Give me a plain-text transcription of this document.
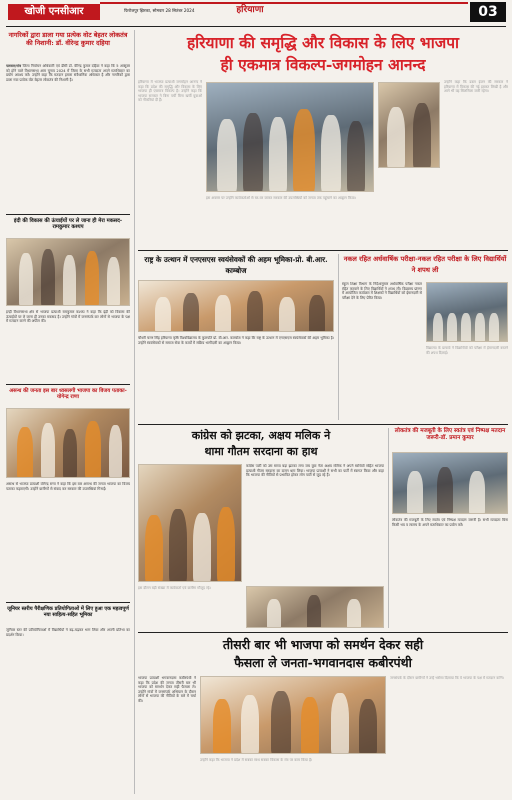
खोजी एनसीआर	फिरोजपुर झिरका, सोमवार 28 सितंबर 2024	हरियाणा	03
नागरिकों द्वारा डाला गया प्रत्येक वोट बेहतर लोकतंत्र की निशानी: डॉ. वीरेन्द्र कुमार दहिया
पलवल/गांव जिला निर्वाचन अधिकारी एवं डीसी डॉ. वीरेन्द्र कुमार दहिया ने कहा कि 5 अक्टूबर को होने वाले विधानसभा आम चुनाव 2024 में जिला के सभी मतदाता अपने मताधिकार का प्रयोग अवश्य करें। उन्होंने कहा कि मतदान हमारा संवैधानिक अधिकार है और नागरिकों द्वारा डाला गया प्रत्येक वोट बेहतर लोकतंत्र की निशानी है।
इंदी की विकास की ऊंचाईयों पर ले जाना ही मेरा मकसद-रामकुमार कश्यप
इन्द्री विधानसभा क्षेत्र से भाजपा प्रत्याशी रामकुमार कश्यप ने कहा कि इंद्री को विकास की ऊंचाईयों पर ले जाना ही उनका मकसद है। उन्होंने गांवों में जनसंपर्क कर लोगों से भाजपा के पक्ष में मतदान करने की अपील की।
असन्ध की जनता इस बार ध्वसलगी भाजपा का विजय पताका-योगेन्द्र राणा
असन्ध से भाजपा प्रत्याशी योगेन्द्र राणा ने कहा कि इस बार असन्ध की जनता भाजपा का विजय पताका फहराएगी। उन्होंने ग्रामीणों से संवाद कर सरकार की उपलब्धियां गिनाईं।
जूनियर स्तरीय पैरीक्षणिक प्रतियोगिताओं में लिए हुआ एक महत्वपूर्ण नया साहित्य-सहित भूमिका
जूनियर स्तर की प्रतियोगिताओं में विद्यार्थियों ने बढ़-चढ़कर भाग लिया और अपनी प्रतिभा का प्रदर्शन किया।
हरियाणा की समृद्धि और विकास के लिए भाजपा
ही एकमात्र विकल्प-जगमोहन आनन्द
हरियाणा में भाजपा प्रत्याशी जगमोहन आनन्द ने कहा कि प्रदेश की समृद्धि और विकास के लिए भाजपा ही एकमात्र विकल्प है। उन्होंने कहा कि भाजपा सरकार ने बिना पर्ची बिना खर्ची युवाओं को नौकरियां दी हैं।
इस अवसर पर उन्होंने कार्यकर्ताओं से घर-घर जाकर सरकार की उपलब्धियों को जनता तक पहुंचाने का आह्वान किया।
उन्होंने कहा कि डबल इंजन की सरकार ने हरियाणा में विकास की नई इबारत लिखी है और आगे भी यह सिलसिला जारी रहेगा।
राष्ट्र के उत्थान में एनएसएस स्वयंसेवकों की अहम भूमिका-प्रो. बी.आर. काम्बोज
चौधरी चरण सिंह हरियाणा कृषि विश्वविद्यालय के कुलपति प्रो. बी.आर. काम्बोज ने कहा कि राष्ट्र के उत्थान में एनएसएस स्वयंसेवकों की अहम भूमिका है। उन्होंने स्वयंसेवकों से समाज सेवा के कार्यों में सक्रिय भागीदारी का आह्वान किया।
नकल रहित अर्धवार्षिक परीक्षा-नकल रहित परीक्षा के लिए विद्यार्थियों ने शपथ ली
स्कूल शिक्षा विभाग के निर्देशानुसार अर्धवार्षिक परीक्षा नकल रहित करवाने के लिए विद्यार्थियों ने शपथ ली। विद्यालय प्रांगण में आयोजित कार्यक्रम में शिक्षकों ने विद्यार्थियों को ईमानदारी से परीक्षा देने के लिए प्रेरित किया।
विद्यालय के प्राचार्य ने विद्यार्थियों को परीक्षा में ईमानदारी बरतने की शपथ दिलाई।
कांग्रेस को झटका, अक्षय मलिक ने
थामा गौतम सरदाना का हाथ
कांग्रेस पार्टी को उस समय बड़ा झटका लगा जब युवा नेता अक्षय मलिक ने अपने साथियों सहित भाजपा प्रत्याशी गौतम सरदाना का दामन थाम लिया। भाजपा प्रत्याशी ने सभी का पार्टी में स्वागत किया और कहा कि भाजपा की नीतियों से प्रभावित होकर लोग पार्टी से जुड़ रहे हैं।
इस दौरान बड़ी संख्या में कार्यकर्ता एवं ग्रामीण मौजूद रहे।
लोकतंत्र की मजबूती के लिए स्वतंत्र एवं निष्पक्ष मतदान जरूरी-डॉ. प्रमान कुमार
लोकतंत्र की मजबूती के लिए स्वतंत्र एवं निष्पक्ष मतदान जरूरी है। सभी मतदाता बिना किसी भय व लालच के अपने मताधिकार का प्रयोग करें।
तीसरी बार भी भाजपा को समर्थन देकर सही
फैसला ले जनता-भगवानदास कबीरपंथी
भाजपा प्रत्याशी भगवानदास कबीरपंथी ने कहा कि प्रदेश की जनता तीसरी बार भी भाजपा को समर्थन देकर सही फैसला ले। उन्होंने गांवों में जनसंपर्क अभियान के दौरान लोगों से भाजपा की नीतियों के बारे में चर्चा की।
उन्होंने कहा कि भाजपा ने प्रदेश में सबका साथ सबका विकास के मंत्र पर काम किया है।
जनसंपर्क के दौरान ग्रामीणों ने उन्हें भरोसा दिलाया कि वे भाजपा के पक्ष में मतदान करेंगे।
